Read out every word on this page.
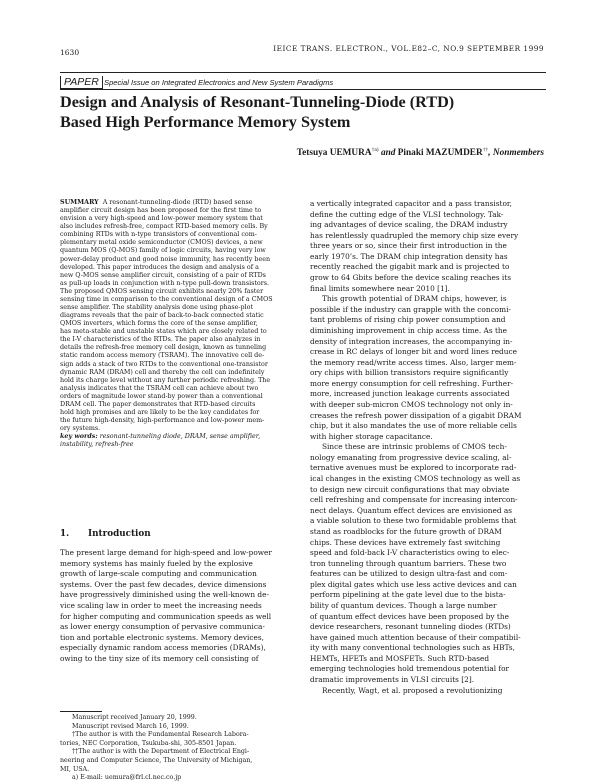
1630	IEICE TRANS. ELECTRON., VOL.E82–C, NO.9 SEPTEMBER 1999
PAPER Special Issue on Integrated Electronics and New System Paradigms
Design and Analysis of Resonant-Tunneling-Diode (RTD)
Based High Performance Memory System
Tetsuya UEMURA$^{\dagger a)}$ and Pinaki MAZUMDER††, Nonmembers
SUMMARY A resonant-tunneling-diode (RTD) based sense
amplifier circuit design has been proposed for the first time to
envision a very high-speed and low-power memory system that
also includes refresh-free, compact RTD-based memory cells. By
combining RTDs with n-type transistors of conventional com-
plementary metal oxide semiconductor (CMOS) devices, a new
quantum MOS (Q-MOS) family of logic circuits, having very low
power-delay product and good noise immunity, has recently been
developed. This paper introduces the design and analysis of a
new Q-MOS sense amplifier circuit, consisting of a pair of RTDs
as pull-up loads in conjunction with n-type pull-down transistors.
The proposed QMOS sensing circuit exhibits nearly 20% faster
sensing time in comparison to the conventional design of a CMOS
sense amplifier. The stability analysis done using phase-plot
diagrams reveals that the pair of back-to-back connected static
QMOS inverters, which forms the core of the sense amplifier,
has meta-stable and unstable states which are closely related to
the I-V characteristics of the RTDs. The paper also analyzes in
details the refresh-free memory cell design, known as tunneling
static random access memory (TSRAM). The innovative cell de-
sign adds a stack of two RTDs to the conventional one-transistor
dynamic RAM (DRAM) cell and thereby the cell can indefinitely
hold its charge level without any further periodic refreshing. The
analysis indicates that the TSRAM cell can achieve about two
orders of magnitude lower stand-by power than a conventional
DRAM cell. The paper demonstrates that RTD-based circuits
hold high promises and are likely to be the key candidates for
the future high-density, high-performance and low-power mem-
ory systems.
key words: resonant-tunneling diode, DRAM, sense amplifier,
instability, refresh-free
1. Introduction
The present large demand for high-speed and low-power
memory systems has mainly fueled by the explosive
growth of large-scale computing and communication
systems. Over the past few decades, device dimensions
have progressively diminished using the well-known de-
vice scaling law in order to meet the increasing needs
for higher computing and communication speeds as well
as lower energy consumption of pervasive communica-
tion and portable electronic systems. Memory devices,
especially dynamic random access memories (DRAMs),
owing to the tiny size of its memory cell consisting of
Manuscript received January 20, 1999.
Manuscript revised March 16, 1999.
†The author is with the Fundamental Research Labora-
tories, NEC Corporation, Tsukuba-shi, 305-8501 Japan.
††The author is with the Department of Electrical Engi-
neering and Computer Science, The University of Michigan,
MI, USA.
a) E-mail: uemura@frl.cl.nec.co.jp
a vertically integrated capacitor and a pass transistor,
define the cutting edge of the VLSI technology. Tak-
ing advantages of device scaling, the DRAM industry
has relentlessly quadrupled the memory chip size every
three years or so, since their first introduction in the
early 1970’s. The DRAM chip integration density has
recently reached the gigabit mark and is projected to
grow to 64 Gbits before the device scaling reaches its
final limits somewhere near 2010 [1].
This growth potential of DRAM chips, however, is
possible if the industry can grapple with the concomi-
tant problems of rising chip power consumption and
diminishing improvement in chip access time. As the
density of integration increases, the accompanying in-
crease in RC delays of longer bit and word lines reduce
the memory read/write access times. Also, larger mem-
ory chips with billion transistors require significantly
more energy consumption for cell refreshing. Further-
more, increased junction leakage currents associated
with deeper sub-micron CMOS technology not only in-
creases the refresh power dissipation of a gigabit DRAM
chip, but it also mandates the use of more reliable cells
with higher storage capacitance.
Since these are intrinsic problems of CMOS tech-
nology emanating from progressive device scaling, al-
ternative avenues must be explored to incorporate rad-
ical changes in the existing CMOS technology as well as
to design new circuit configurations that may obviate
cell refreshing and compensate for increasing intercon-
nect delays. Quantum effect devices are envisioned as
a viable solution to these two formidable problems that
stand as roadblocks for the future growth of DRAM
chips. These devices have extremely fast switching
speed and fold-back I-V characteristics owing to elec-
tron tunneling through quantum barriers. These two
features can be utilized to design ultra-fast and com-
plex digital gates which use less active devices and can
perform pipelining at the gate level due to the bista-
bility of quantum devices. Though a large number
of quantum effect devices have been proposed by the
device researchers, resonant tunneling diodes (RTDs)
have gained much attention because of their compatibil-
ity with many conventional technologies such as HBTs,
HEMTs, HFETs and MOSFETs. Such RTD-based
emerging technologies hold tremendous potential for
dramatic improvements in VLSI circuits [2].
Recently, Wagt, et al. proposed a revolutionizing
